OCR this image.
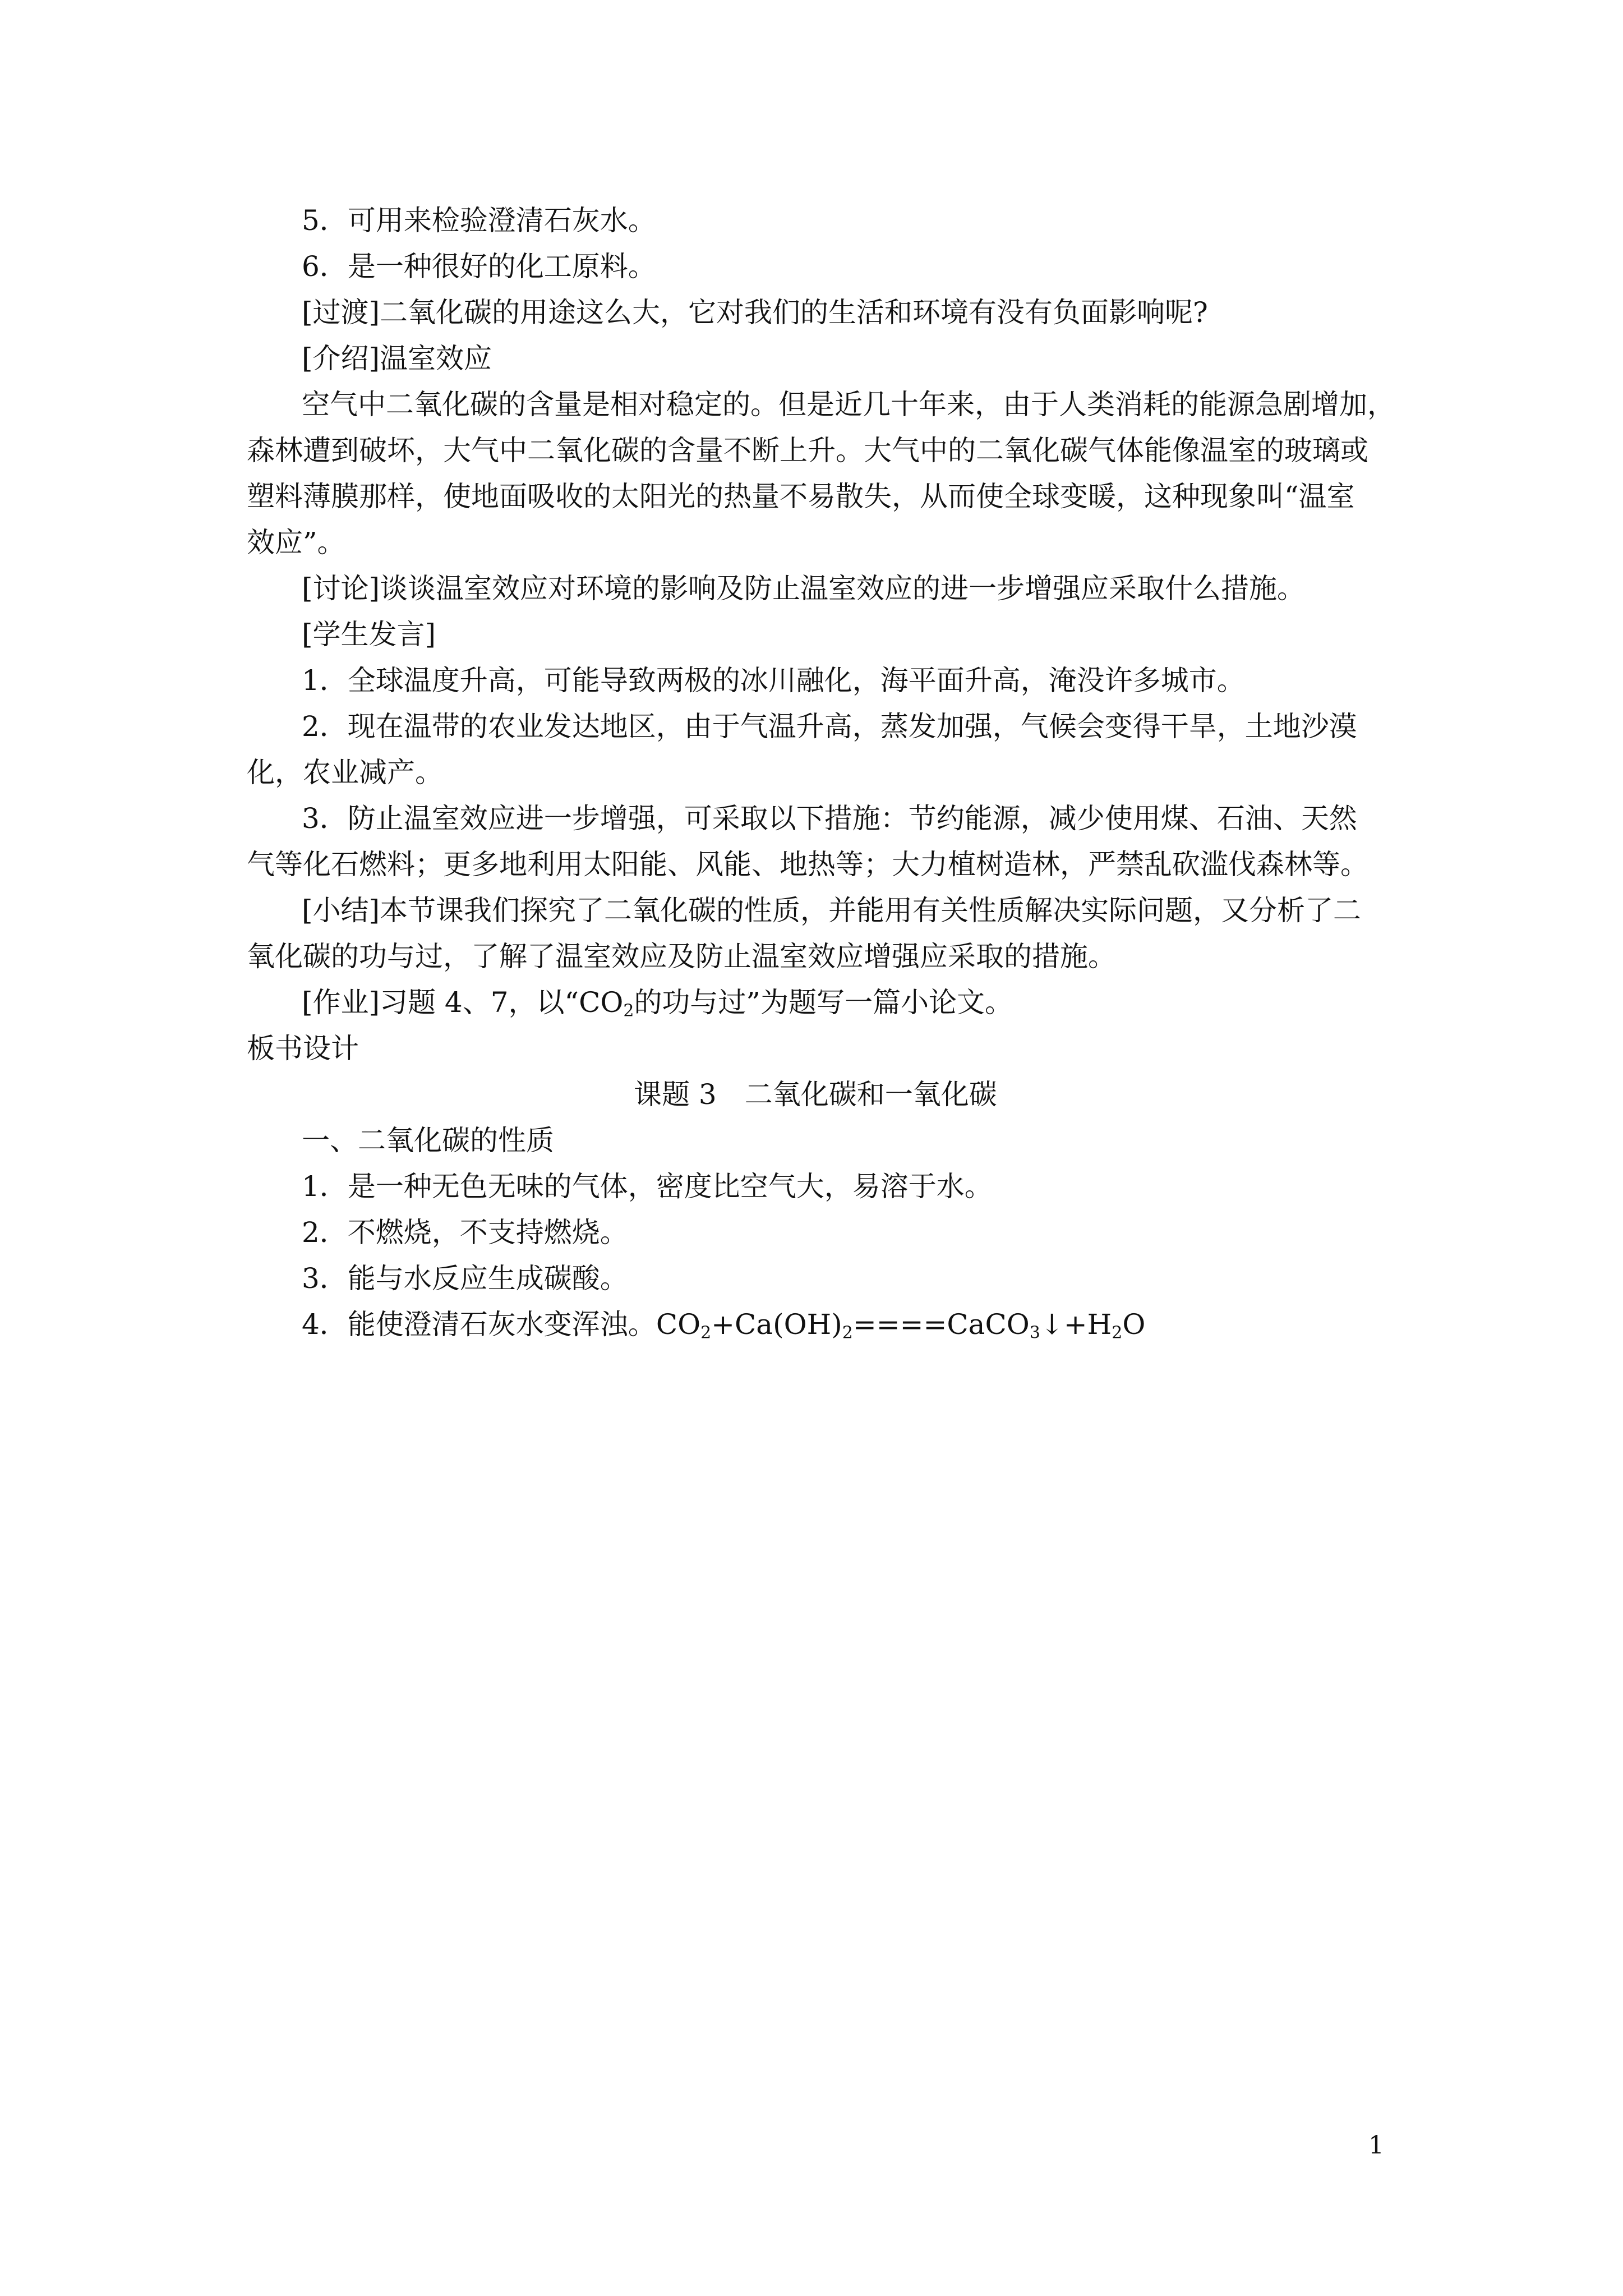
5．可用来检验澄清石灰水。
6．是一种很好的化工原料。
[过渡]二氧化碳的用途这么大，它对我们的生活和环境有没有负面影响呢?
[介绍]温室效应
空气中二氧化碳的含量是相对稳定的。但是近几十年来，由于人类消耗的能源急剧增加，
森林遭到破坏，大气中二氧化碳的含量不断上升。大气中的二氧化碳气体能像温室的玻璃或
塑料薄膜那样，使地面吸收的太阳光的热量不易散失，从而使全球变暖，这种现象叫“温室
效应”。
[讨论]谈谈温室效应对环境的影响及防止温室效应的进一步增强应采取什么措施。
[学生发言]
1．全球温度升高，可能导致两极的冰川融化，海平面升高，淹没许多城市。
2．现在温带的农业发达地区，由于气温升高，蒸发加强，气候会变得干旱，土地沙漠
化，农业减产。
3．防止温室效应进一步增强，可采取以下措施：节约能源，减少使用煤、石油、天然
气等化石燃料；更多地利用太阳能、风能、地热等；大力植树造林，严禁乱砍滥伐森林等。
[小结]本节课我们探究了二氧化碳的性质，并能用有关性质解决实际问题，又分析了二
氧化碳的功与过，了解了温室效应及防止温室效应增强应采取的措施。
[作业]习题 4、7，以“$CO_2$的功与过”为题写一篇小论文。
板书设计
课题 3　二氧化碳和一氧化碳
一、二氧化碳的性质
1．是一种无色无味的气体，密度比空气大，易溶于水。
2．不燃烧，不支持燃烧。
3．能与水反应生成碳酸。
4．能使澄清石灰水变浑浊。$CO_2+Ca(OH)_2====CaCO_3↓+H_2O$
1
